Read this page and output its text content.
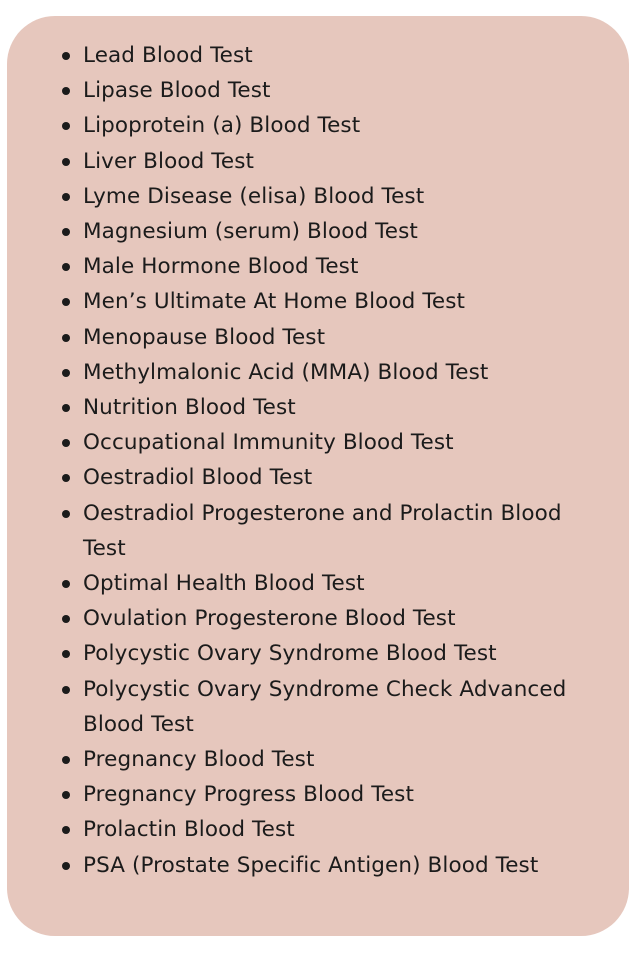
Lead Blood Test
Lipase Blood Test
Lipoprotein (a) Blood Test
Liver Blood Test
Lyme Disease (elisa) Blood Test
Magnesium (serum) Blood Test
Male Hormone Blood Test
Men’s Ultimate At Home Blood Test
Menopause Blood Test
Methylmalonic Acid (MMA) Blood Test
Nutrition Blood Test
Occupational Immunity Blood Test
Oestradiol Blood Test
Oestradiol Progesterone and Prolactin Blood Test
Optimal Health Blood Test
Ovulation Progesterone Blood Test
Polycystic Ovary Syndrome Blood Test
Polycystic Ovary Syndrome Check Advanced Blood Test
Pregnancy Blood Test
Pregnancy Progress Blood Test
Prolactin Blood Test
PSA (Prostate Specific Antigen) Blood Test
